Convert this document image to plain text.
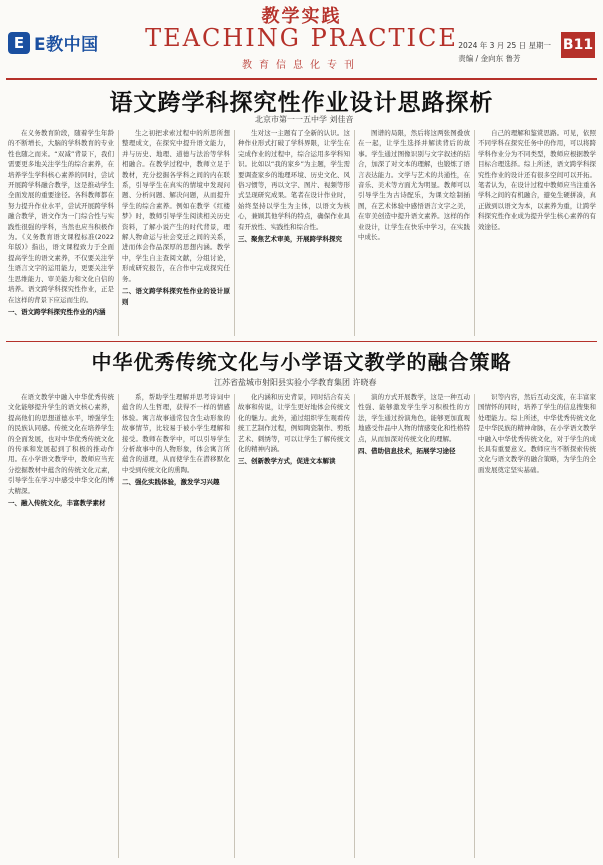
E E教中国
教学实践
TEACHING PRACTICE
教育信息化专刊
2024 年 3 月 25 日 星期一
责编 / 金向东 鲁芳
B11
语文跨学科探究性作业设计思路探析
北京市第一一五中学 刘佳音
在义务教育阶段，随着学生年龄的不断增长，大脑的学科教育的专业性也随之而来。“双减”背景下，我们需要更多地关注学生的综合素养，在培养学生学科核心素养的同时，尝试开展跨学科融合教学，这是推动学生全面发展的重要途径。各科教师都在努力提升作业水平，尝试开展跨学科融合教学，语文作为一门综合性与实践性很强的学科，当然也应当积极作为。《义务教育语文课程标准(2022年版)》指出，语文课程致力于全面提高学生的语文素养，不仅要关注学生语言文字的运用能力，更要关注学生思维能力、审美能力和文化自信的培养。语文跨学科探究性作业，正是在这样的背景下应运而生的。
一、语文跨学科探究性作业的内涵
生之初把求索过程中的所思所想整理成文，在探究中提升语文能力，并与历史、地理、道德与法治等学科相融合。在教学过程中，教师立足于教材，充分挖掘各学科之间的内在联系，引导学生在真实的情境中发现问题、分析问题、解决问题，从而提升学生的综合素养。例如在教学《红楼梦》时，教师引导学生阅读相关历史资料，了解小说产生的时代背景，理解人物命运与社会变迁之间的关系，进而体会作品深厚的思想内涵。教学中，学生自主查阅文献，分组讨论，形成研究报告，在合作中完成探究任务。
二、语文跨学科探究性作业的设计原则
生对这一主题有了全新的认识。这种作业形式打破了学科界限，让学生在完成作业的过程中，综合运用多学科知识。比如以“我的家乡”为主题，学生需要调查家乡的地理环境、历史文化、风俗习惯等，再以文字、图片、视频等形式呈现研究成果。笔者在设计作业时，始终坚持以学生为主体，以语文为核心，兼顾其他学科的特点，确保作业具有开放性、实践性和综合性。
三、聚焦艺术审美，开展跨学科探究
图谱的局限，然后将这两张图叠放在一起，让学生选择并解读背后的故事。学生通过图像识别与文字叙述的结合，加深了对文本的理解，也锻炼了语言表达能力。文学与艺术的共通性，在音乐、美术等方面尤为明显。教师可以引导学生为古诗配乐，为课文绘制插图，在艺术体验中感悟语言文字之美，在审美创造中提升语文素养。这样的作业设计，让学生在快乐中学习，在实践中成长。
自己的理解和鉴赏思路。可见，依照不同学科在探究任务中的作用，可以将跨学科作业分为不同类型，教师应根据教学目标合理选择。综上所述，语文跨学科探究性作业的设计还有很多空间可以开拓。笔者认为，在设计过程中教师应当注重各学科之间的有机融合，避免生硬拼凑，真正做到以语文为本，以素养为重，让跨学科探究性作业成为提升学生核心素养的有效途径。
中华优秀传统文化与小学语文教学的融合策略
江苏省盐城市射阳县实验小学教育集团 许晓春
在语文教学中融入中华优秀传统文化能够提升学生的语文核心素养，提高他们的思想道德水平，增强学生的民族认同感。传统文化在培养学生的全面发展，也对中华优秀传统文化的传承和发展起到了积极的推动作用。在小学语文教学中，教师应当充分挖掘教材中蕴含的传统文化元素，引导学生在学习中感受中华文化的博大精深。
一、融入传统文化，丰富教学素材
系，帮助学生理解并思考诗词中蕴含的人生哲理，获得不一样的情感体验。寓言故事通常包含生动形象的故事情节，比较易于被小学生理解和接受。教师在教学中，可以引导学生分析故事中的人物形象，体会寓言所蕴含的道理，从而使学生在潜移默化中受到传统文化的熏陶。
二、强化实践体验，激发学习兴趣
化内涵和历史背景，同时结合有关故事和传说，让学生更好地体会传统文化的魅力。此外，通过组织学生观看传统工艺制作过程，例如陶瓷制作、剪纸艺术、刺绣等，可以让学生了解传统文化的精神内涵。
三、创新教学方式，促进文本解读
演的方式开展教学，这是一种互动性强、能够激发学生学习积极性的方法，学生通过扮演角色，能够更加直观地感受作品中人物的情感变化和性格特点，从而加深对传统文化的理解。
四、借助信息技术，拓展学习途径
识等内容，然后互动交流，在丰富家国情怀的同时，培养了学生的信息搜集和处理能力。综上所述，中华优秀传统文化是中华民族的精神命脉，在小学语文教学中融入中华优秀传统文化，对于学生的成长具有重要意义。教师应当不断探索传统文化与语文教学的融合策略，为学生的全面发展奠定坚实基础。
